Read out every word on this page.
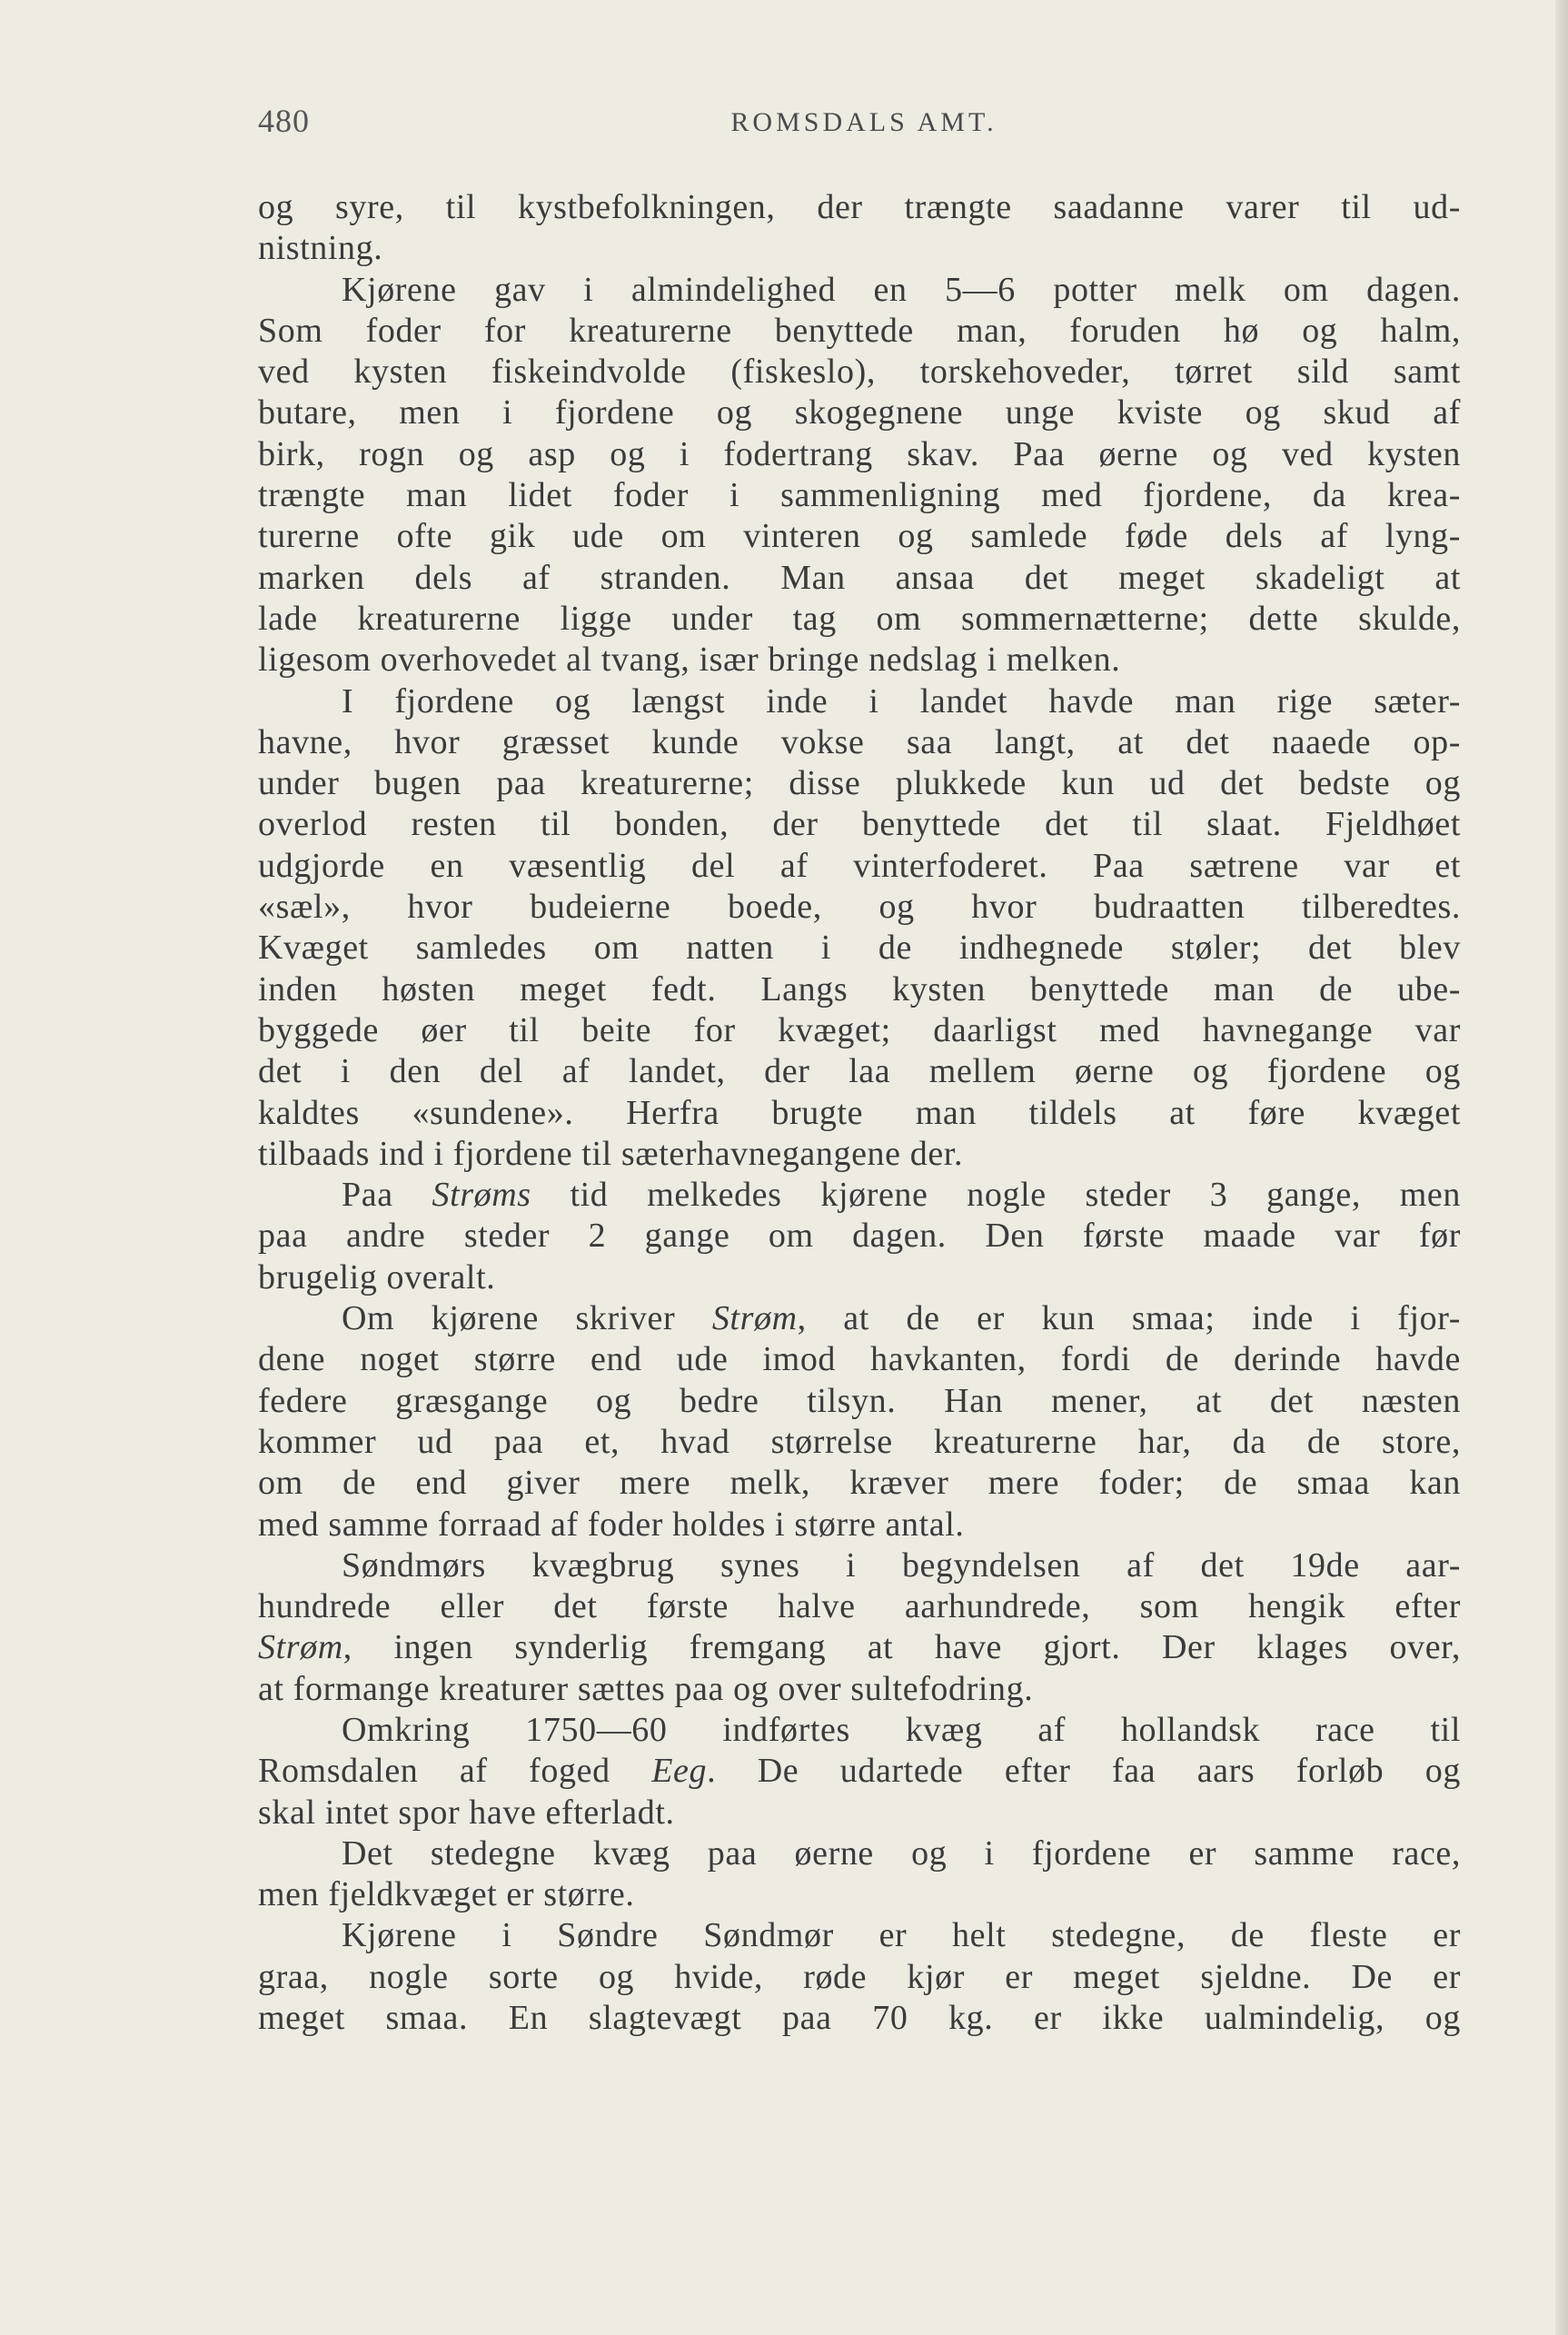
480	ROMSDALS AMT.
og syre, til kystbefolkningen, der trængte saadanne varer til ud-
nistning.
Kjørene gav i almindelighed en 5—6 potter melk om dagen.
Som foder for kreaturerne benyttede man, foruden hø og halm,
ved kysten fiskeindvolde (fiskeslo), torskehoveder, tørret sild samt
butare, men i fjordene og skogegnene unge kviste og skud af
birk, rogn og asp og i fodertrang skav. Paa øerne og ved kysten
trængte man lidet foder i sammenligning med fjordene, da krea-
turerne ofte gik ude om vinteren og samlede føde dels af lyng-
marken dels af stranden. Man ansaa det meget skadeligt at
lade kreaturerne ligge under tag om sommernætterne; dette skulde,
ligesom overhovedet al tvang, især bringe nedslag i melken.
I fjordene og længst inde i landet havde man rige sæter-
havne, hvor græsset kunde vokse saa langt, at det naaede op-
under bugen paa kreaturerne; disse plukkede kun ud det bedste og
overlod resten til bonden, der benyttede det til slaat. Fjeldhøet
udgjorde en væsentlig del af vinterfoderet. Paa sætrene var et
«sæl», hvor budeierne boede, og hvor budraatten tilberedtes.
Kvæget samledes om natten i de indhegnede støler; det blev
inden høsten meget fedt. Langs kysten benyttede man de ube-
byggede øer til beite for kvæget; daarligst med havnegange var
det i den del af landet, der laa mellem øerne og fjordene og
kaldtes «sundene». Herfra brugte man tildels at føre kvæget
tilbaads ind i fjordene til sæterhavnegangene der.
Paa Strøms tid melkedes kjørene nogle steder 3 gange, men
paa andre steder 2 gange om dagen. Den første maade var før
brugelig overalt.
Om kjørene skriver Strøm, at de er kun smaa; inde i fjor-
dene noget større end ude imod havkanten, fordi de derinde havde
federe græsgange og bedre tilsyn. Han mener, at det næsten
kommer ud paa et, hvad størrelse kreaturerne har, da de store,
om de end giver mere melk, kræver mere foder; de smaa kan
med samme forraad af foder holdes i større antal.
Søndmørs kvægbrug synes i begyndelsen af det 19de aar-
hundrede eller det første halve aarhundrede, som hengik efter
Strøm, ingen synderlig fremgang at have gjort. Der klages over,
at formange kreaturer sættes paa og over sultefodring.
Omkring 1750—60 indførtes kvæg af hollandsk race til
Romsdalen af foged Eeg. De udartede efter faa aars forløb og
skal intet spor have efterladt.
Det stedegne kvæg paa øerne og i fjordene er samme race,
men fjeldkvæget er større.
Kjørene i Søndre Søndmør er helt stedegne, de fleste er
graa, nogle sorte og hvide, røde kjør er meget sjeldne. De er
meget smaa. En slagtevægt paa 70 kg. er ikke ualmindelig, og
